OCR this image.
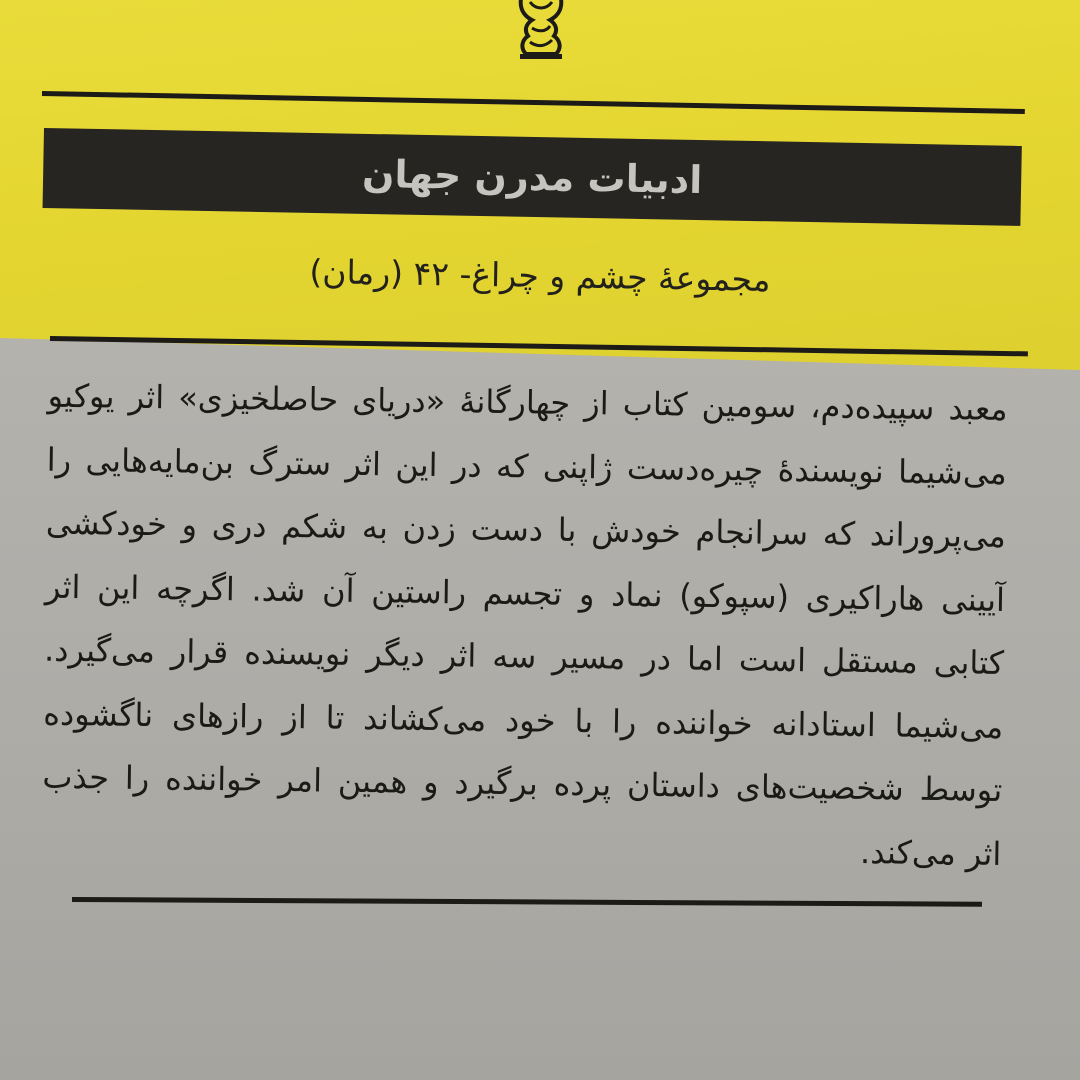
ادبیات مدرن جهان
مجموعهٔ چشم و چراغ- ۴۲ (رمان)
معبد سپیده‌دم، سومین کتاب از چهارگانهٔ «دریای حاصلخیزی» اثر یوکیو
می‌شیما نویسندهٔ چیره‌دست ژاپنی که در این اثر سترگ بن‌مایه‌هایی را
می‌پروراند که سرانجام خودش با دست زدن به شکم دری و خودکشی
آیینی هاراکیری (سپوکو) نماد و تجسم راستین آن شد. اگرچه این اثر
کتابی مستقل است اما در مسیر سه اثر دیگر نویسنده قرار می‌گیرد.
می‌شیما استادانه خواننده را با خود می‌کشاند تا از رازهای ناگشوده
توسط شخصیت‌های داستان پرده برگیرد و همین امر خواننده را جذب
اثر می‌کند.
